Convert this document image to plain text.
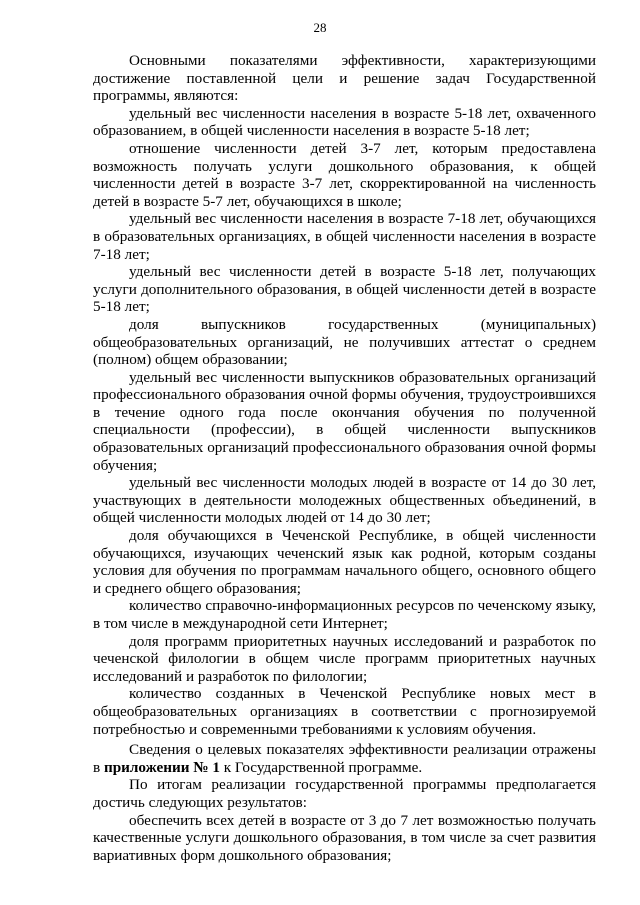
28

Основными показателями эффективности, характеризующими достижение поставленной цели и решение задач Государственной программы, являются:

удельный вес численности населения в возрасте 5-18 лет, охваченного образованием, в общей численности населения в возрасте 5-18 лет;

отношение численности детей 3-7 лет, которым предоставлена возможность получать услуги дошкольного образования, к общей численности детей в возрасте 3-7 лет, скорректированной на численность детей в возрасте 5-7 лет, обучающихся в школе;

удельный вес численности населения в возрасте 7-18 лет, обучающихся в образовательных организациях, в общей численности населения в возрасте 7-18 лет;

удельный вес численности детей в возрасте 5-18 лет, получающих услуги дополнительного образования, в общей численности детей в возрасте 5-18 лет;

доля выпускников государственных (муниципальных) общеобразовательных организаций, не получивших аттестат о среднем (полном) общем образовании;

удельный вес численности выпускников образовательных организаций профессионального образования очной формы обучения, трудоустроившихся в течение одного года после окончания обучения по полученной специальности (профессии), в общей численности выпускников образовательных организаций профессионального образования очной формы обучения;

удельный вес численности молодых людей в возрасте от 14 до 30 лет, участвующих в деятельности молодежных общественных объединений, в общей численности молодых людей от 14 до 30 лет;

доля обучающихся в Чеченской Республике, в общей численности обучающихся, изучающих чеченский язык как родной, которым созданы условия для обучения по программам начального общего, основного общего и среднего общего образования;

количество справочно-информационных ресурсов по чеченскому языку, в том числе в международной сети Интернет;

доля программ приоритетных научных исследований и разработок по чеченской филологии в общем числе программ приоритетных научных исследований и разработок по филологии;

количество созданных в Чеченской Республике новых мест в общеобразовательных организациях в соответствии с прогнозируемой потребностью и современными требованиями к условиям обучения.

Сведения о целевых показателях эффективности реализации отражены в приложении № 1 к Государственной программе.

По итогам реализации государственной программы предполагается достичь следующих результатов:

обеспечить всех детей в возрасте от 3 до 7 лет возможностью получать качественные услуги дошкольного образования, в том числе за счет развития вариативных форм дошкольного образования;
